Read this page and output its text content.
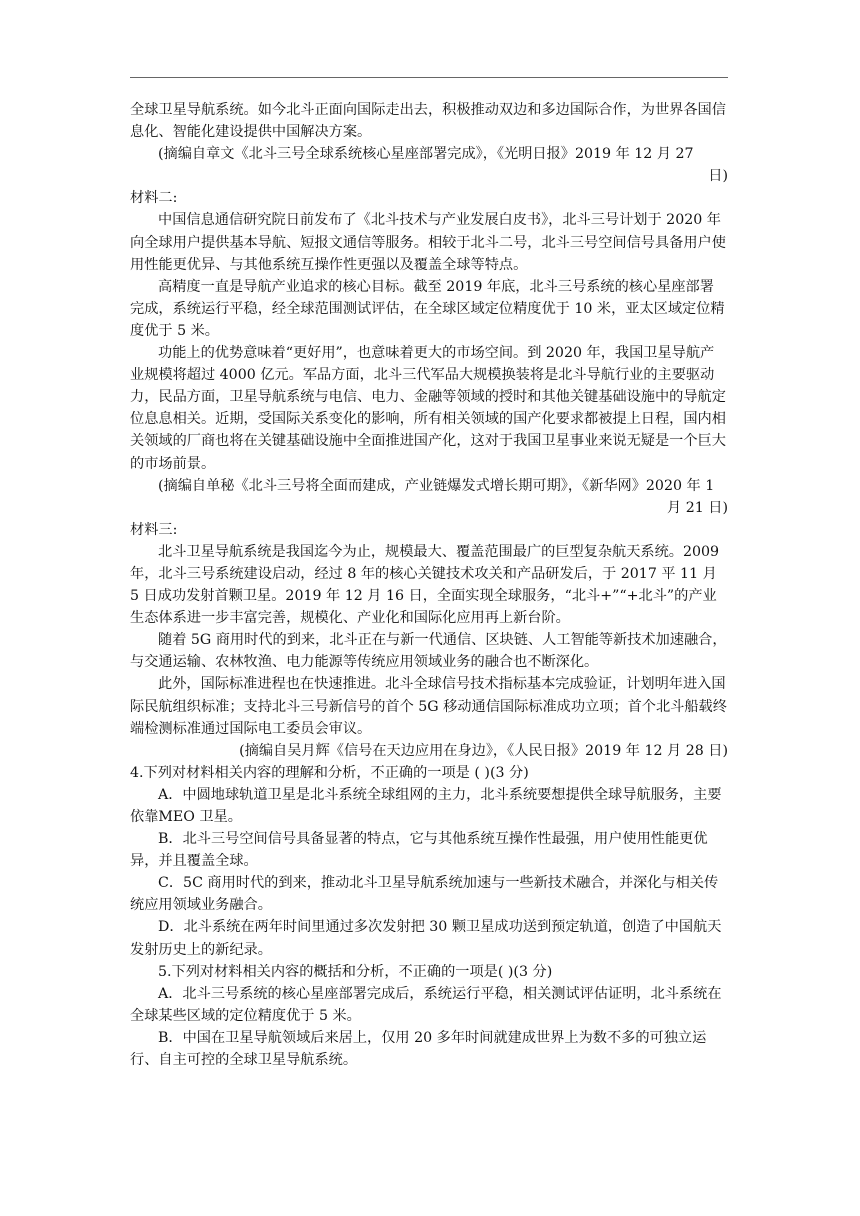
全球卫星导航系统。如今北斗正面向国际走出去，积极推动双边和多边国际合作，为世界各国信息化、智能化建设提供中国解决方案。

(摘编自章文《北斗三号全球系统核心星座部署完成》，《光明日报》2019 年 12 月 27

日)

材料二:

中国信息通信研究院日前发布了《北斗技术与产业发展白皮书》，北斗三号计划于 2020 年向全球用户提供基本导航、短报文通信等服务。相较于北斗二号，北斗三号空间信号具备用户使用性能更优异、与其他系统互操作性更强以及覆盖全球等特点。

高精度一直是导航产业追求的核心目标。截至 2019 年底，北斗三号系统的核心星座部署完成，系统运行平稳，经全球范围测试评估，在全球区域定位精度优于 10 米，亚太区域定位精度优于 5 米。

功能上的优势意味着“更好用”，也意味着更大的市场空间。到 2020 年，我国卫星导航产业规模将超过 4000 亿元。军品方面，北斗三代军品大规模换装将是北斗导航行业的主要驱动力，民品方面，卫星导航系统与电信、电力、金融等领域的授时和其他关键基础设施中的导航定位息息相关。近期，受国际关系变化的影响，所有相关领域的国产化要求都被提上日程，国内相关领域的厂商也将在关键基础设施中全面推进国产化，这对于我国卫星事业来说无疑是一个巨大的市场前景。

(摘编自单秘《北斗三号将全面而建成，产业链爆发式增长期可期》，《新华网》2020 年 1

月 21 日)

材料三:

北斗卫星导航系统是我国迄今为止，规模最大、覆盖范围最广的巨型复杂航天系统。2009 年，北斗三号系统建设启动，经过 8 年的核心关键技术攻关和产品研发后，于 2017 平 11 月 5 日成功发射首颗卫星。2019 年 12 月 16 日，全面实现全球服务，“北斗+”“+北斗”的产业生态体系进一步丰富完善，规模化、产业化和国际化应用再上新台阶。

随着 5G 商用时代的到来，北斗正在与新一代通信、区块链、人工智能等新技术加速融合，与交通运输、农林牧渔、电力能源等传统应用领域业务的融合也不断深化。

此外，国际标准进程也在快速推进。北斗全球信号技术指标基本完成验证，计划明年进入国际民航组织标准；支持北斗三号新信号的首个 5G 移动通信国际标准成功立项；首个北斗船载终端检测标准通过国际电工委员会审议。

(摘编自吴月辉《信号在天边应用在身边》，《人民日报》2019 年 12 月 28 日)

4.下列对材料相关内容的理解和分析，不正确的一项是 ( )(3 分)

A．中圆地球轨道卫星是北斗系统全球组网的主力，北斗系统要想提供全球导航服务，主要依靠MEO 卫星。

B．北斗三号空间信号具备显著的特点，它与其他系统互操作性最强，用户使用性能更优异，并且覆盖全球。

C．5C 商用时代的到来，推动北斗卫星导航系统加速与一些新技术融合，并深化与相关传统应用领域业务融合。

D．北斗系统在两年时间里通过多次发射把 30 颗卫星成功送到预定轨道，创造了中国航天发射历史上的新纪录。

5.下列对材料相关内容的概括和分析，不正确的一项是( )(3 分)

A．北斗三号系统的核心星座部署完成后，系统运行平稳，相关测试评估证明，北斗系统在全球某些区域的定位精度优于 5 米。

B．中国在卫星导航领域后来居上，仅用 20 多年时间就建成世界上为数不多的可独立运行、自主可控的全球卫星导航系统。
